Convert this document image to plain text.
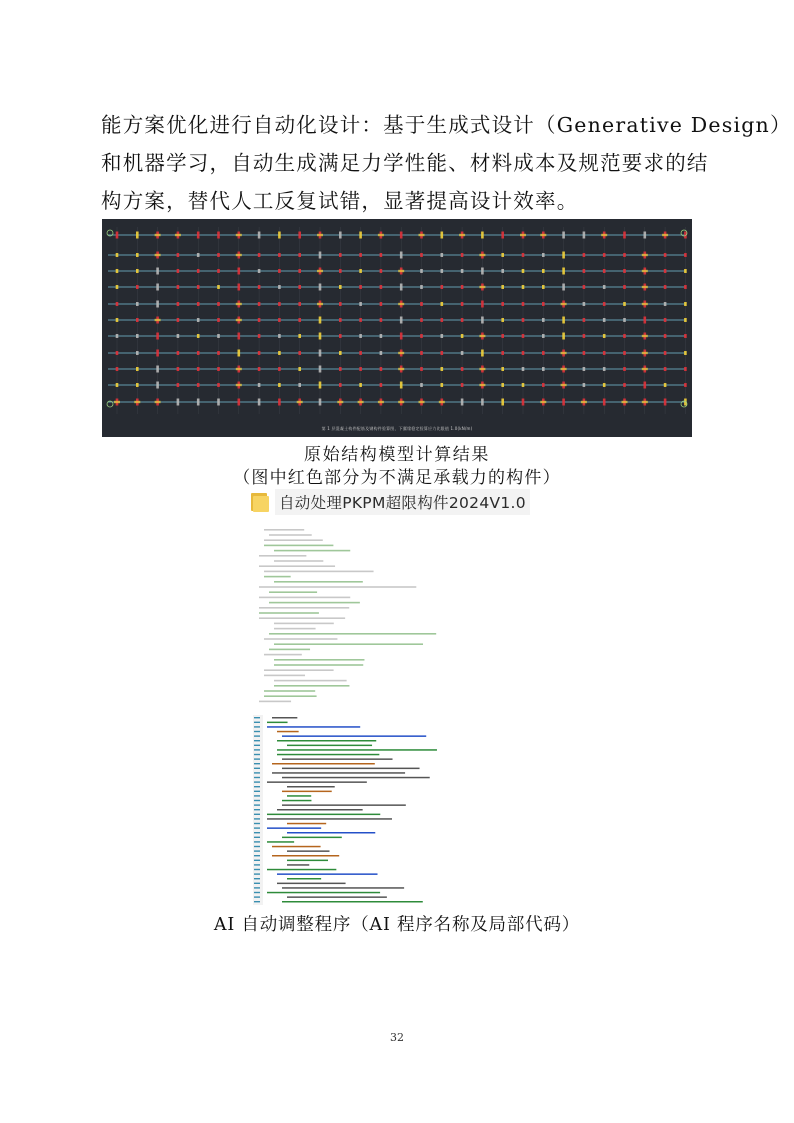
能方案优化进行自动化设计：基于生成式设计（Generative Design）
和机器学习，自动生成满足力学性能、材料成本及规范要求的结
构方案，替代人工反复试错，显著提高设计效率。
第 1 层混凝土构件配筋及钢构件验算图，下翼缘稳定验算应力比限值 1.0(kN/m)
原始结构模型计算结果
（图中红色部分为不满足承载力的构件）
自动处理PKPM超限构件2024V1.0
AI 自动调整程序（AI 程序名称及局部代码）
32
